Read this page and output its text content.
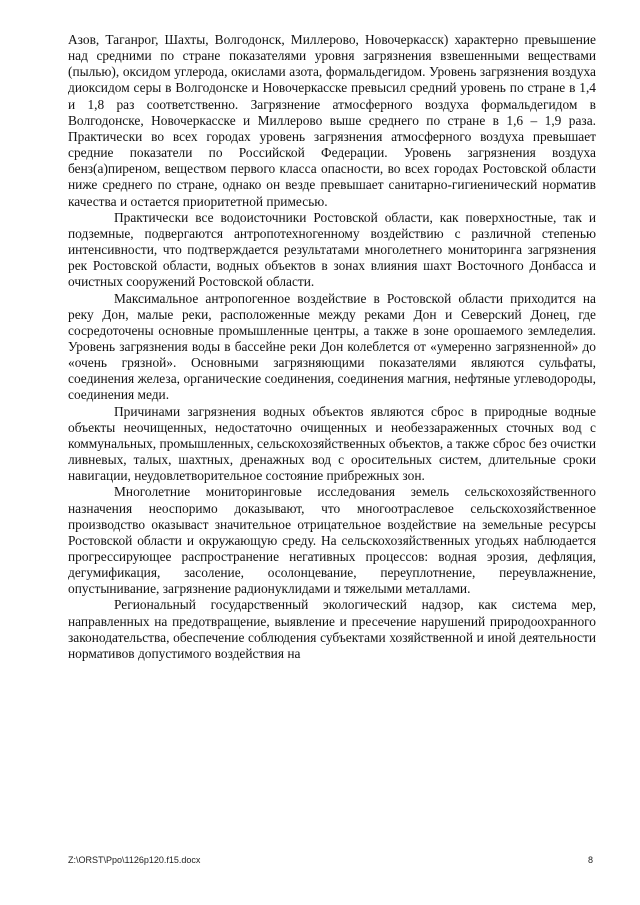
Азов, Таганрог, Шахты, Волгодонск, Миллерово, Новочеркасск) характерно превышение над средними по стране показателями уровня загрязнения взвешенными веществами (пылью), оксидом углерода, окислами азота, формальдегидом. Уровень загрязнения воздуха диоксидом серы в Волгодонске и Новочеркасске превысил средний уровень по стране в 1,4 и 1,8 раз соответственно. Загрязнение атмосферного воздуха формальдегидом в Волгодонске, Новочеркасске и Миллерово выше среднего по стране в 1,6 – 1,9 раза. Практически во всех городах уровень загрязнения атмосферного воздуха превышает средние показатели по Российской Федерации. Уровень загрязнения воздуха бенз(а)пиреном, веществом первого класса опасности, во всех городах Ростовской области ниже среднего по стране, однако он везде превышает санитарно-гигиенический норматив качества и остается приоритетной примесью.

Практически все водоисточники Ростовской области, как поверхностные, так и подземные, подвергаются антропотехногенному воздействию с различной степенью интенсивности, что подтверждается результатами многолетнего мониторинга загрязнения рек Ростовской области, водных объектов в зонах влияния шахт Восточного Донбасса и очистных сооружений Ростовской области.

Максимальное антропогенное воздействие в Ростовской области приходится на реку Дон, малые реки, расположенные между реками Дон и Северский Донец, где сосредоточены основные промышленные центры, а также в зоне орошаемого земледелия. Уровень загрязнения воды в бассейне реки Дон колеблется от «умеренно загрязненной» до «очень грязной». Основными загрязняющими показателями являются сульфаты, соединения железа, органические соединения, соединения магния, нефтяные углеводороды, соединения меди.

Причинами загрязнения водных объектов являются сброс в природные водные объекты неочищенных, недостаточно очищенных и необеззараженных сточных вод с коммунальных, промышленных, сельскохозяйственных объектов, а также сброс без очистки ливневых, талых, шахтных, дренажных вод с оросительных систем, длительные сроки навигации, неудовлетворительное состояние прибрежных зон.

Многолетние мониторинговые исследования земель сельскохозяйственного назначения неоспоримо доказывают, что многоотраслевое сельскохозяйственное производство оказываст значительное отрицательное воздействие на земельные ресурсы Ростовской области и окружающую среду. На сельскохозяйственных угодьях наблюдается прогрессирующее распространение негативных процессов: водная эрозия, дефляция, дегумификация, засоление, осолонцевание, переуплотнение, переувлажнение, опустынивание, загрязнение радионуклидами и тяжелыми металлами.

Региональный государственный экологический надзор, как система мер, направленных на предотвращение, выявление и пресечение нарушений природоохранного законодательства, обеспечение соблюдения субъектами хозяйственной и иной деятельности нормативов допустимого воздействия на

Z:\ORST\Ppo\1126p120.f15.docx	8
